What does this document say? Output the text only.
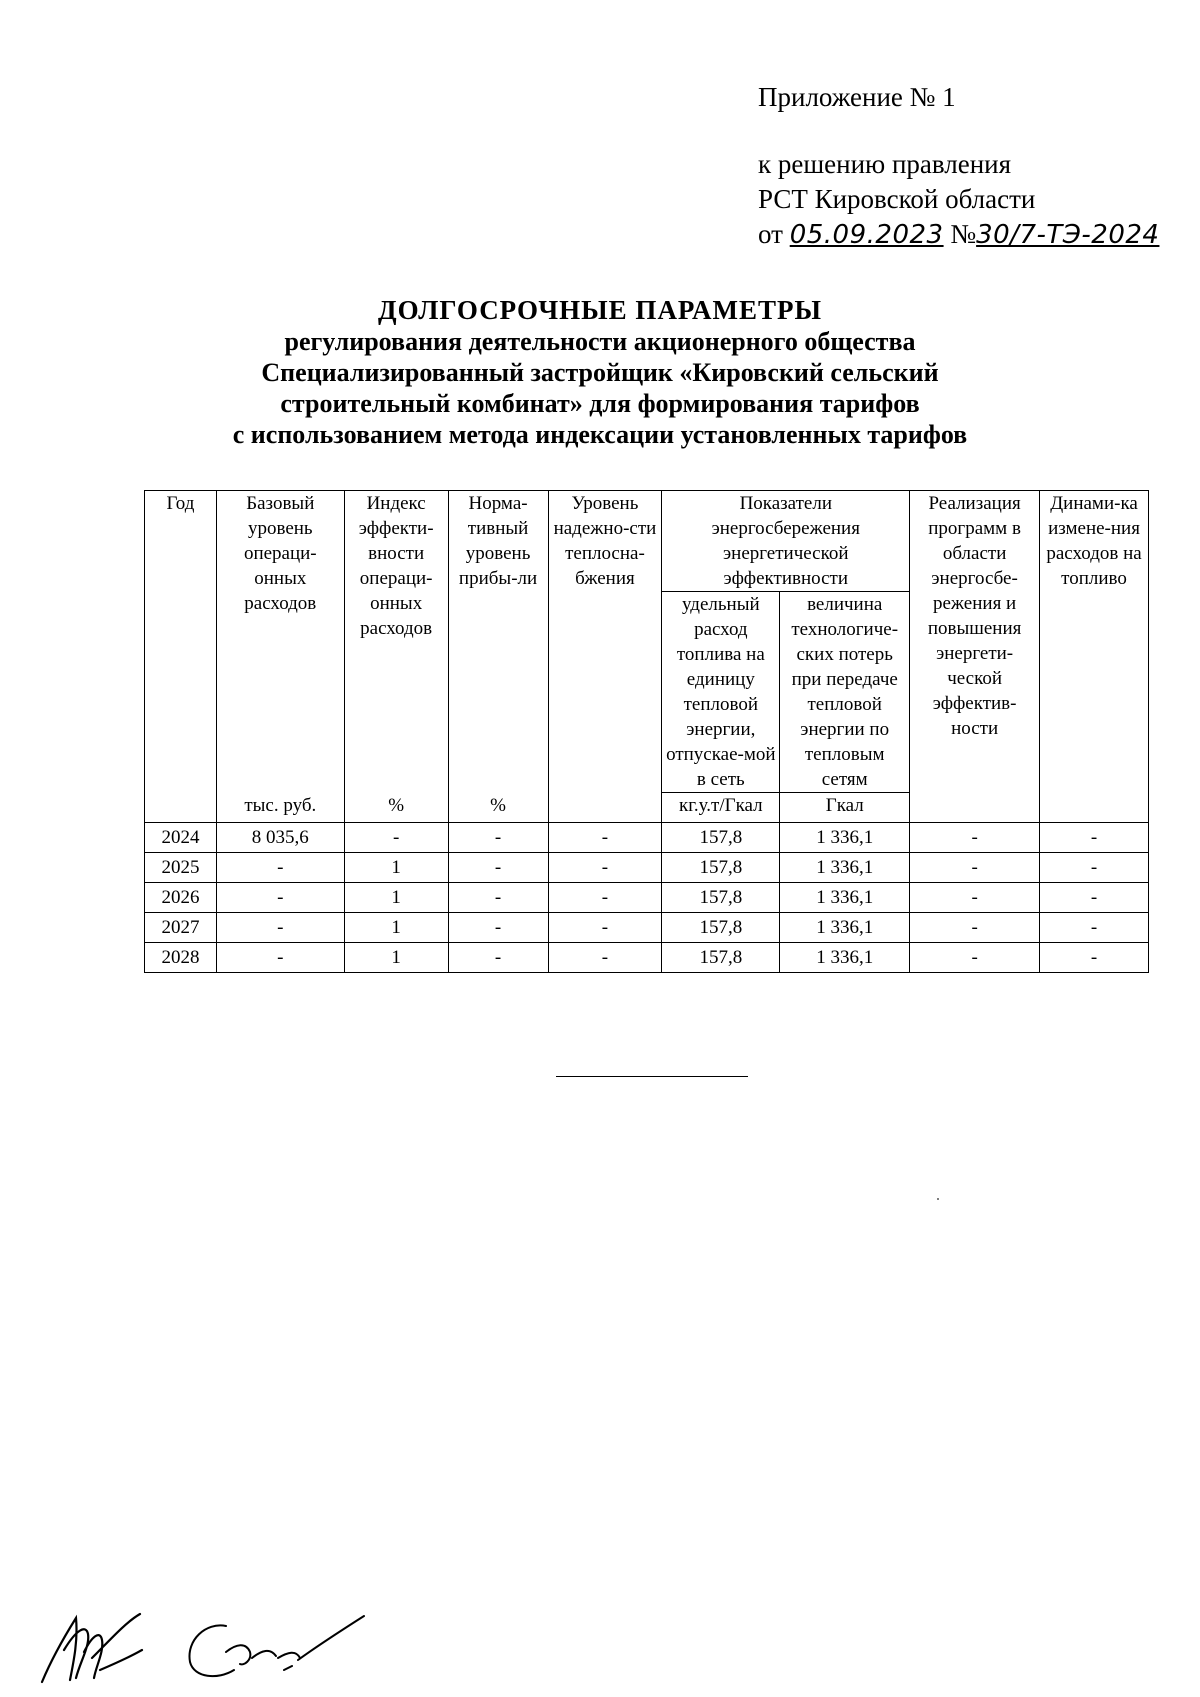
Приложение № 1
к решению правления
РСТ Кировской области
от 05.09.2023 №30/7-ТЭ-2024
ДОЛГОСРОЧНЫЕ ПАРАМЕТРЫ
регулирования деятельности акционерного общества
Специализированный застройщик «Кировский сельский
строительный комбинат» для формирования тарифов
с использованием метода индексации установленных тарифов
Год	Базовый уровень операци-онных расходов	Индекс эффекти-вности операци-онных расходов	Норма-тивный уровень прибы-ли	Уровень надежно-сти теплосна-бжения	Показатели энергосбережения энергетической эффективности		Реализация программ в области энергосбе-режения и повышения энергети-ческой эффектив-ности	Динами-ка измене-ния расходов на топливо
					удельный расход топлива на единицу тепловой энергии, отпускае-мой в сеть	величина технологиче-ских потерь при передаче тепловой энергии по тепловым сетям		
	тыс. руб.	%	%		кг.у.т/Гкал	Гкал		
2024	8 035,6	-	-	-	157,8	1 336,1	-	-
2025	-	1	-	-	157,8	1 336,1	-	-
2026	-	1	-	-	157,8	1 336,1	-	-
2027	-	1	-	-	157,8	1 336,1	-	-
2028	-	1	-	-	157,8	1 336,1	-	-
